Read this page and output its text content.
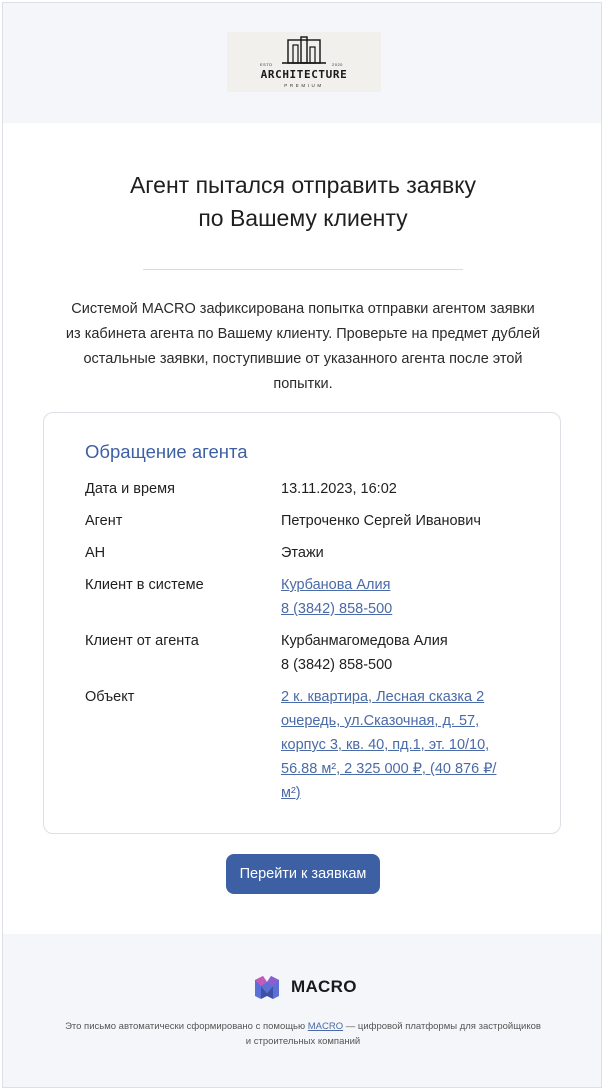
ESTD	2020
ARCHITECTURE
PREMIUM
Агент пытался отправить заявку
по Вашему клиенту
Системой MACRO зафиксирована попытка отправки агентом заявки
из кабинета агента по Вашему клиенту. Проверьте на предмет дублей
остальные заявки, поступившие от указанного агента после этой
попытки.
Обращение агента
Дата и время	13.11.2023, 16:02
Агент	Петроченко Сергей Иванович
АН	Этажи
Клиент в системе	Курбанова Алия
8 (3842) 858-500
Клиент от агента	Курбанмагомедова Алия
8 (3842) 858-500
Объект	2 к. квартира, Лесная сказка 2
очередь, ул.Сказочная, д. 57,
корпус 3, кв. 40, пд.1, эт. 10/10,
56.88 м², 2 325 000 ₽, (40 876 ₽/
м²)
Перейти к заявкам
MACRO
Это письмо автоматически сформировано с помощью MACRO — цифровой платформы для застройщиков
и строительных компаний
